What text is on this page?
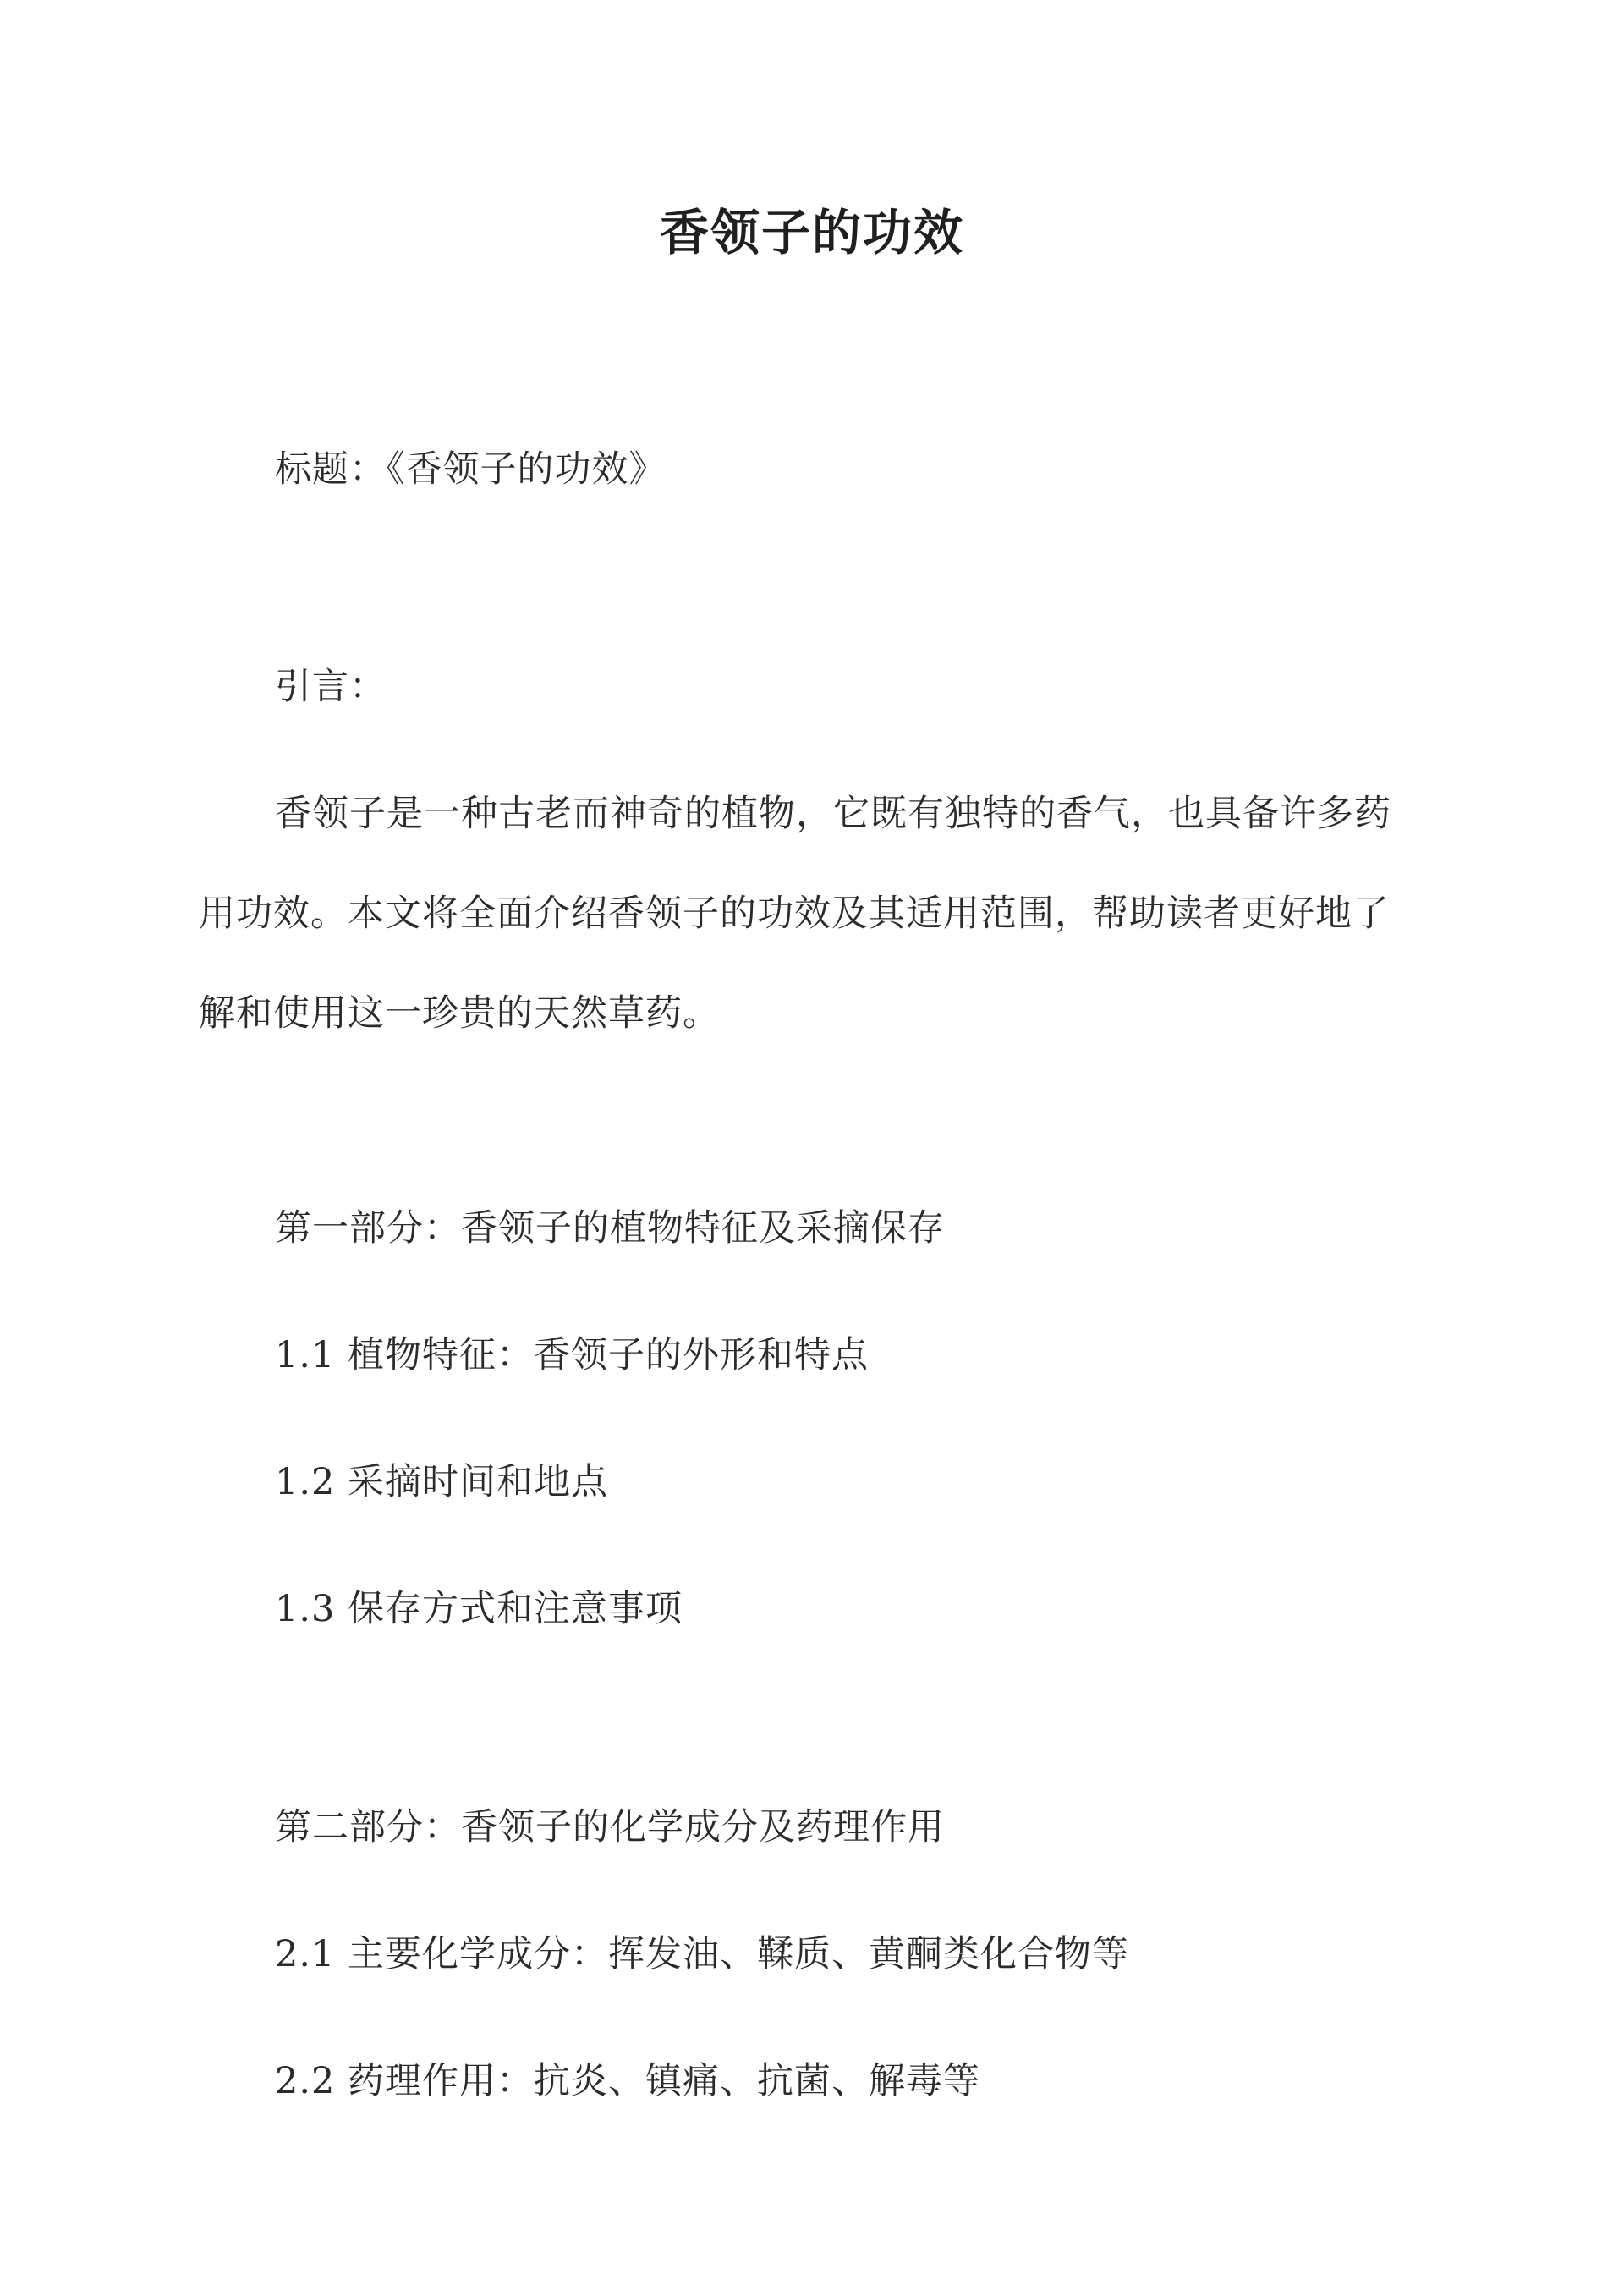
香领子的功效
标题：《香领子的功效》
引言：
香领子是一种古老而神奇的植物，它既有独特的香气，也具备许多药
用功效。本文将全面介绍香领子的功效及其适用范围，帮助读者更好地了
解和使用这一珍贵的天然草药。
第一部分：香领子的植物特征及采摘保存
1.1 植物特征：香领子的外形和特点
1.2 采摘时间和地点
1.3 保存方式和注意事项
第二部分：香领子的化学成分及药理作用
2.1 主要化学成分：挥发油、鞣质、黄酮类化合物等
2.2 药理作用：抗炎、镇痛、抗菌、解毒等
